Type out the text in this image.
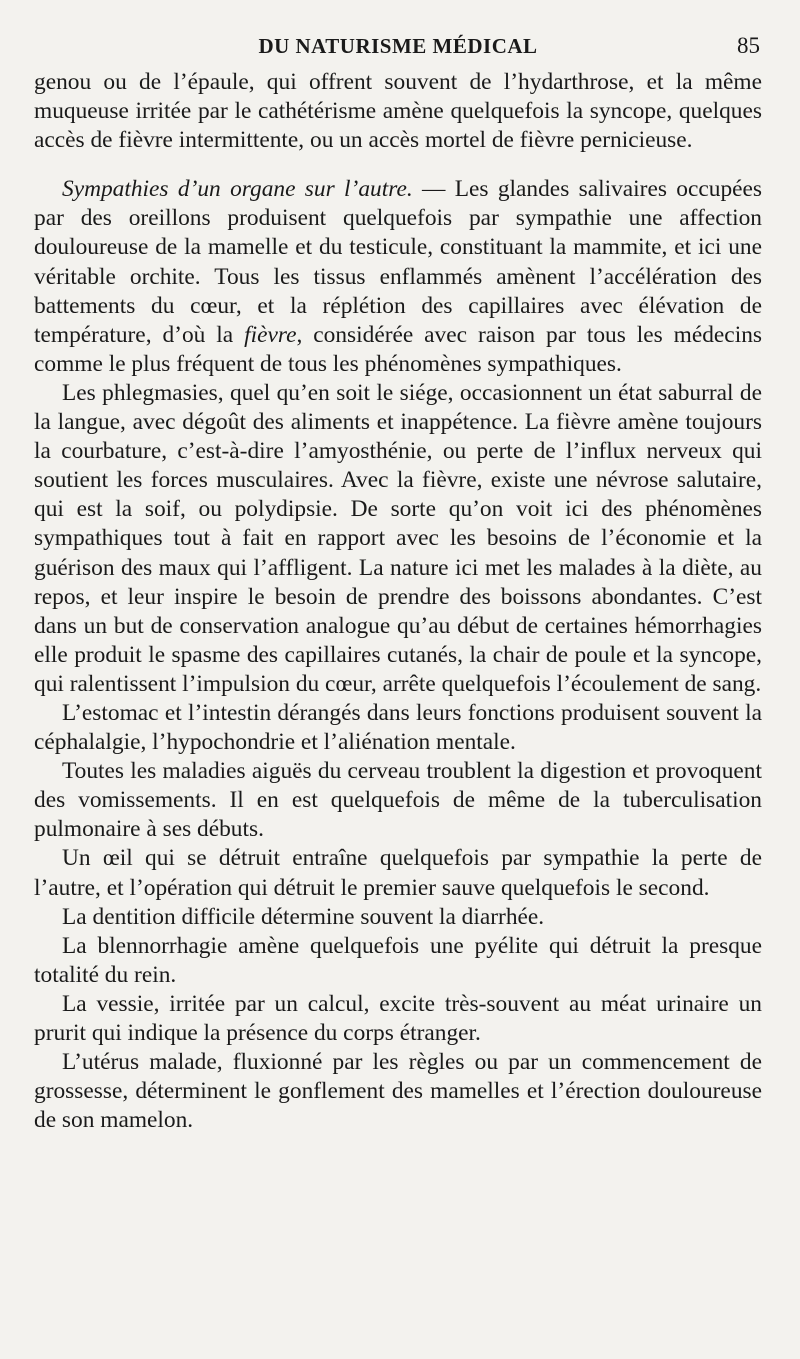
DU NATURISME MÉDICAL	85

genou ou de l’épaule, qui offrent souvent de l’hydarthrose, et la même muqueuse irritée par le cathétérisme amène quelquefois la syncope, quelques accès de fièvre intermittente, ou un accès mortel de fièvre pernicieuse.

Sympathies d’un organe sur l’autre. — Les glandes salivaires occupées par des oreillons produisent quelquefois par sympathie une affection douloureuse de la mamelle et du testicule, constituant la mammite, et ici une véritable orchite. Tous les tissus enflammés amènent l’accélération des battements du cœur, et la réplétion des capillaires avec élévation de température, d’où la fièvre, considérée avec raison par tous les médecins comme le plus fréquent de tous les phénomènes sympathiques.

Les phlegmasies, quel qu’en soit le siége, occasionnent un état saburral de la langue, avec dégoût des aliments et inappétence. La fièvre amène toujours la courbature, c’est-à-dire l’amyosthénie, ou perte de l’influx nerveux qui soutient les forces musculaires. Avec la fièvre, existe une névrose salutaire, qui est la soif, ou polydipsie. De sorte qu’on voit ici des phénomènes sympathiques tout à fait en rapport avec les besoins de l’économie et la guérison des maux qui l’affligent. La nature ici met les malades à la diète, au repos, et leur inspire le besoin de prendre des boissons abondantes. C’est dans un but de conservation analogue qu’au début de certaines hémorrhagies elle produit le spasme des capillaires cutanés, la chair de poule et la syncope, qui ralentissent l’impulsion du cœur, arrête quelquefois l’écoulement de sang.

L’estomac et l’intestin dérangés dans leurs fonctions produisent souvent la céphalalgie, l’hypochondrie et l’aliénation mentale.

Toutes les maladies aiguës du cerveau troublent la digestion et provoquent des vomissements. Il en est quelquefois de même de la tuberculisation pulmonaire à ses débuts.

Un œil qui se détruit entraîne quelquefois par sympathie la perte de l’autre, et l’opération qui détruit le premier sauve quelquefois le second.

La dentition difficile détermine souvent la diarrhée.

La blennorrhagie amène quelquefois une pyélite qui détruit la presque totalité du rein.

La vessie, irritée par un calcul, excite très-souvent au méat urinaire un prurit qui indique la présence du corps étranger.

L’utérus malade, fluxionné par les règles ou par un commencement de grossesse, déterminent le gonflement des mamelles et l’érection douloureuse de son mamelon.
